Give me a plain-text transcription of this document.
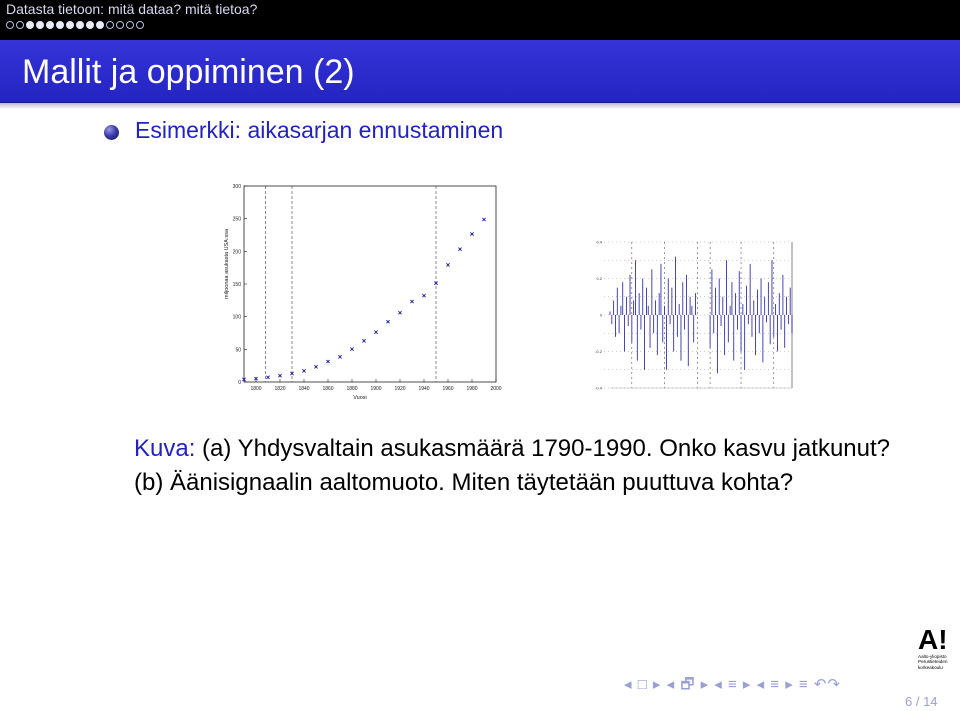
Datasta tietoon: mitä dataa? mitä tietoa?
Mallit ja oppiminen (2)
Esimerkki: aikasarjan ennustaminen
0
50
100
150
200
250
300
1800	1820	1840	1860	1880	1900	1920	1940	1960	1980	2000
Vuosi
miljoonaa asukasta USA:ssa
-0.4
-0.2
0
0.2
0.4
Kuva: (a) Yhdysvaltain asukasmäärä 1790-1990. Onko kasvu jatkunut? (b) Äänisignaalin aaltomuoto. Miten täytetään puuttuva kohta?
A!
Aalto-yliopisto
Perustieteiden
korkeakoulu
◂ □ ▸ ◂ 🗗 ▸ ◂ ≡ ▸ ◂ ≡ ▸ ≡ ↶↷
6 / 14
